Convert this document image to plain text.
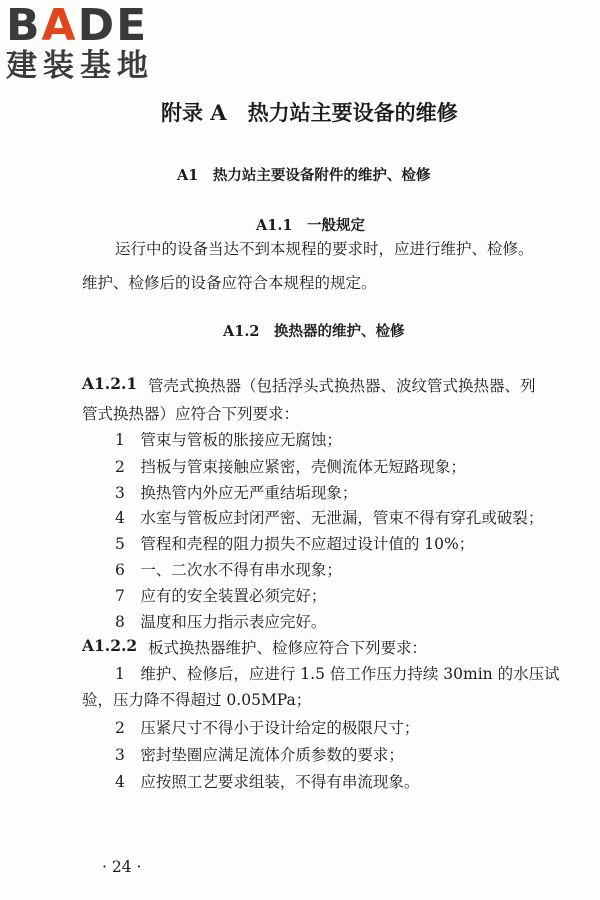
BADE
建装基地
附录 A　热力站主要设备的维修
A1　热力站主要设备附件的维护、检修
A1.1　一般规定
运行中的设备当达不到本规程的要求时，应进行维护、检修。
维护、检修后的设备应符合本规程的规定。
A1.2　换热器的维护、检修
A1.2.1 管壳式换热器（包括浮头式换热器、波纹管式换热器、列
管式换热器）应符合下列要求：
1　管束与管板的胀接应无腐蚀；
2　挡板与管束接触应紧密，壳侧流体无短路现象；
3　换热管内外应无严重结垢现象；
4　水室与管板应封闭严密、无泄漏，管束不得有穿孔或破裂；
5　管程和壳程的阻力损失不应超过设计值的 10%；
6　一、二次水不得有串水现象；
7　应有的安全装置必须完好；
8　温度和压力指示表应完好。
A1.2.2 板式换热器维护、检修应符合下列要求：
1　维护、检修后，应进行 1.5 倍工作压力持续 30min 的水压试
验，压力降不得超过 0.05MPa；
2　压紧尺寸不得小于设计给定的极限尺寸；
3　密封垫圈应满足流体介质参数的要求；
4　应按照工艺要求组装，不得有串流现象。
· 24 ·
